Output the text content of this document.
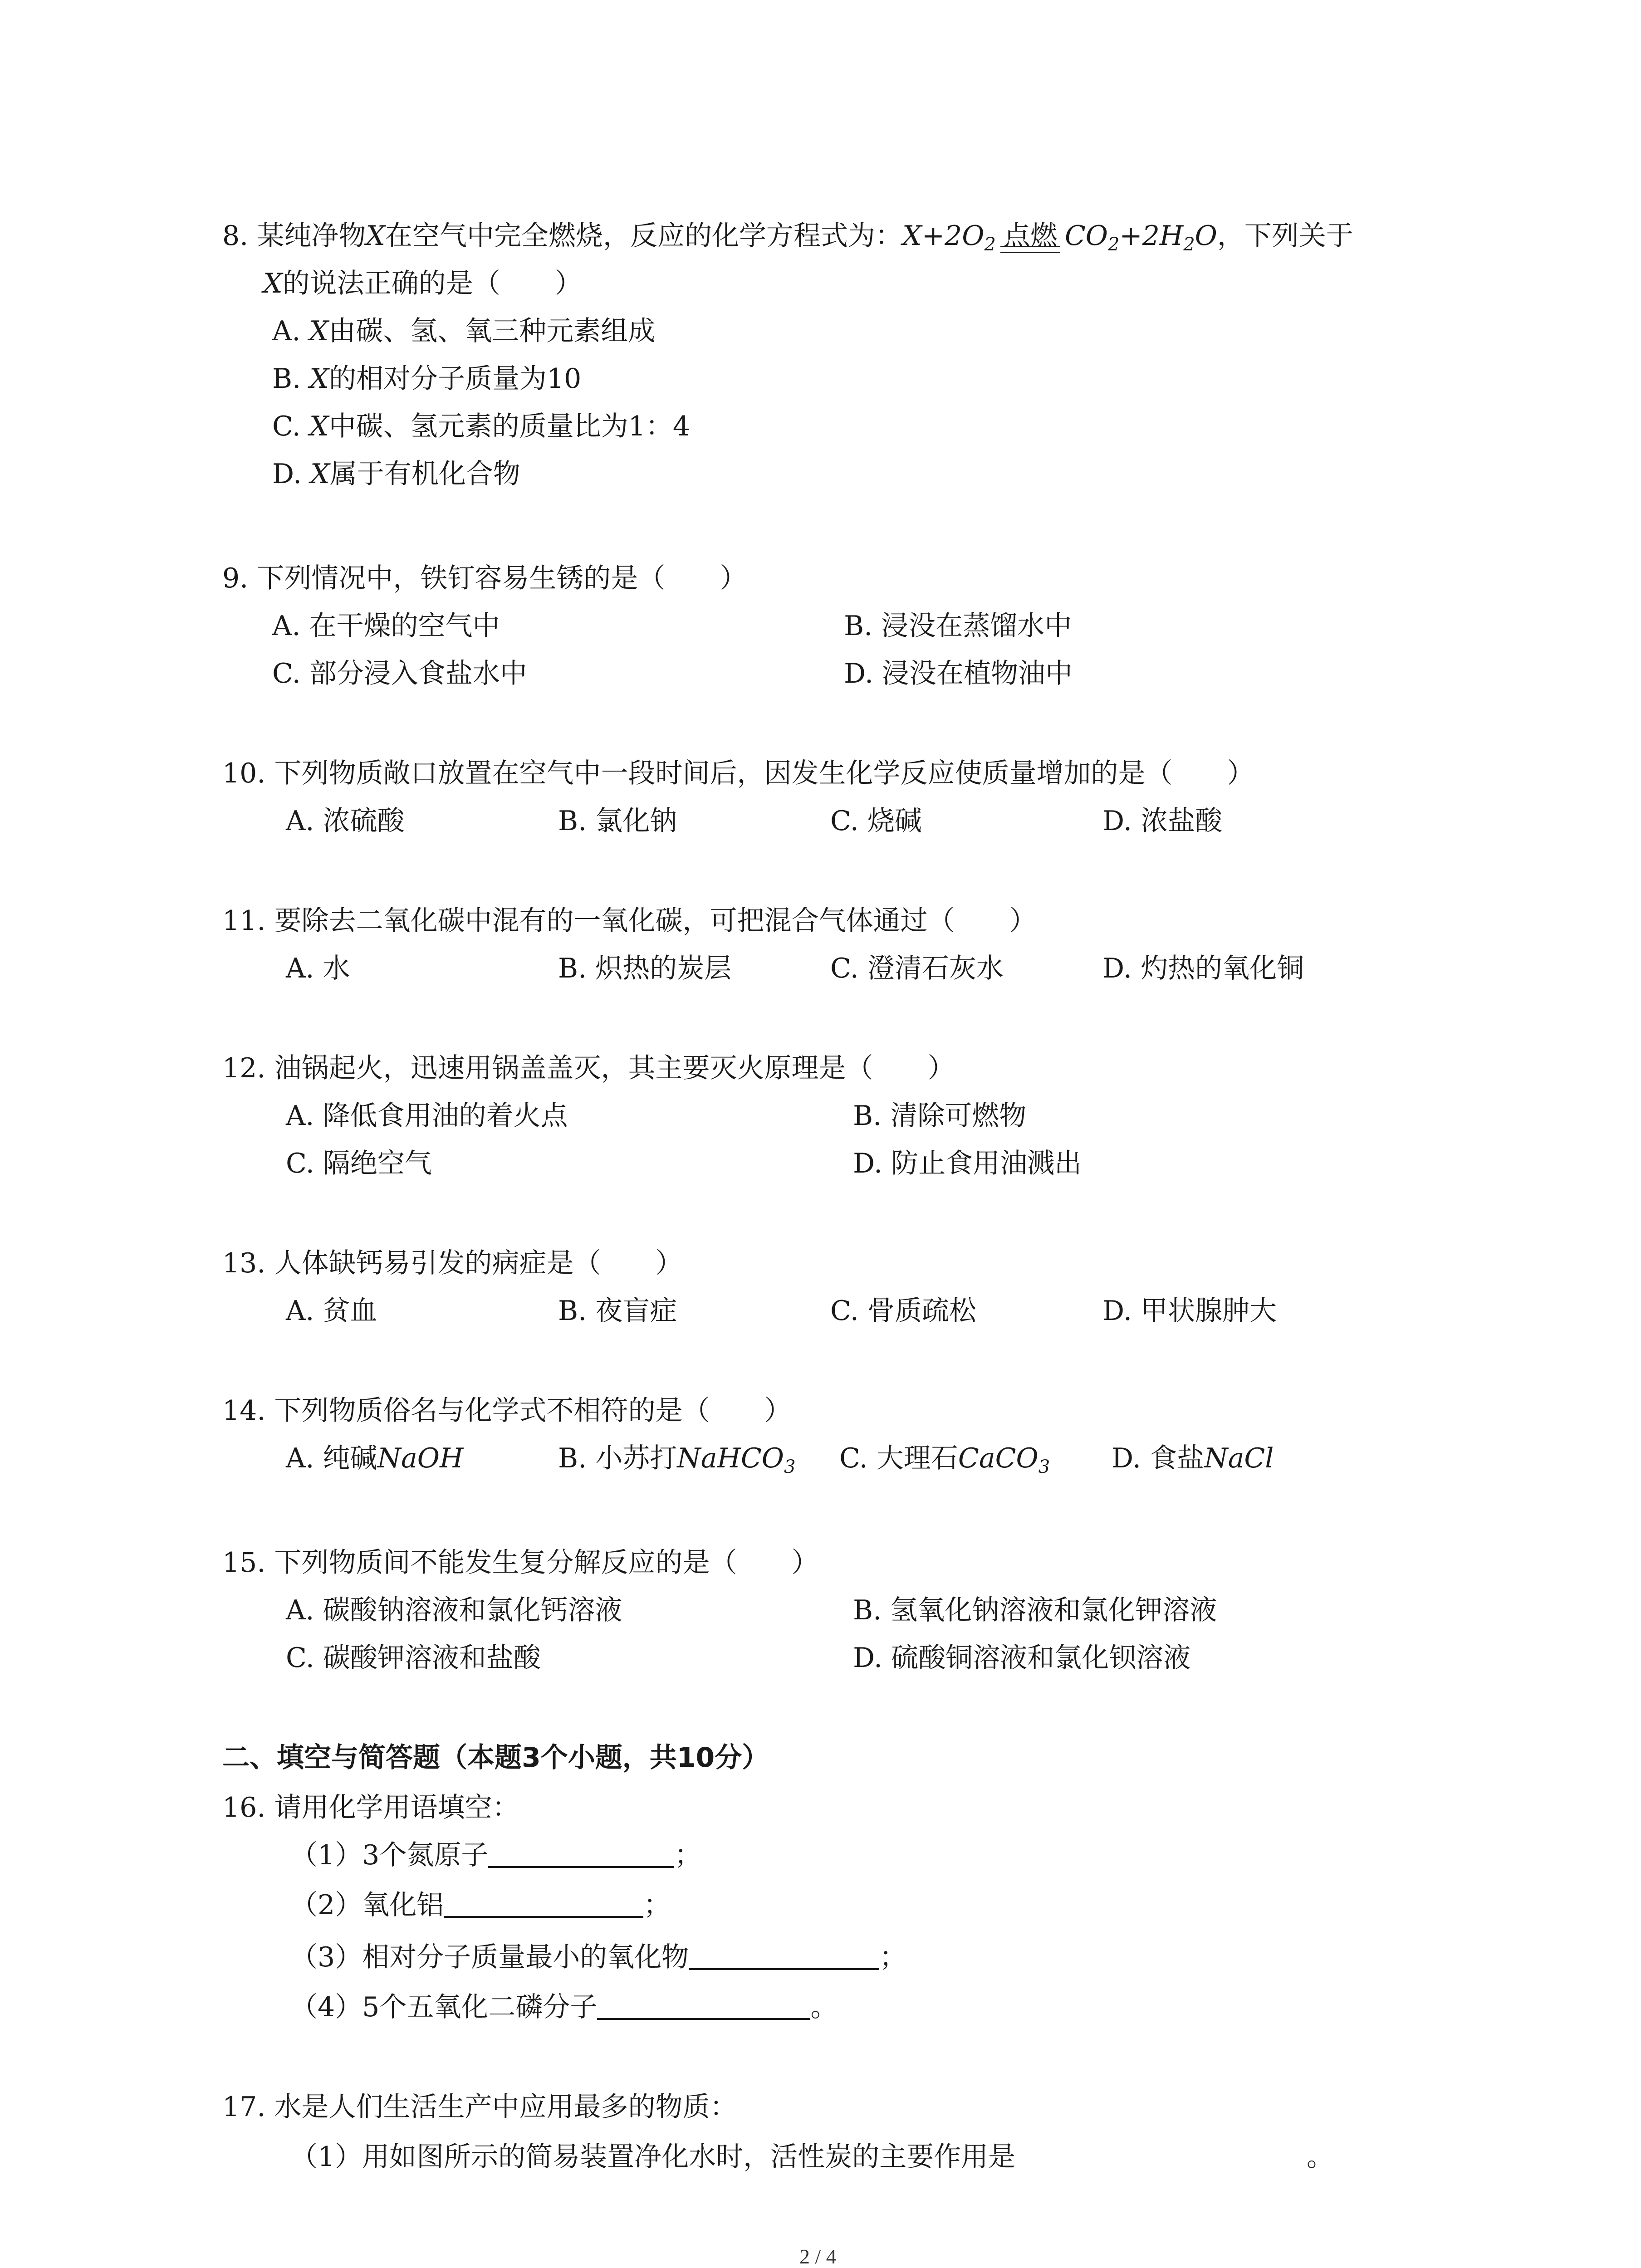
8. 某纯净物X在空气中完全燃烧，反应的化学方程式为：$X+2O_2$ 点燃 $CO_2+2H_2O$，下列关于
X的说法正确的是（　　）
A. X由碳、氢、氧三种元素组成
B. X的相对分子质量为10
C. X中碳、氢元素的质量比为1：4
D. X属于有机化合物
9. 下列情况中，铁钉容易生锈的是（　　）
A. 在干燥的空气中	B. 浸没在蒸馏水中
C. 部分浸入食盐水中	D. 浸没在植物油中
10. 下列物质敞口放置在空气中一段时间后，因发生化学反应使质量增加的是（　　）
A. 浓硫酸	B. 氯化钠	C. 烧碱	D. 浓盐酸
11. 要除去二氧化碳中混有的一氧化碳，可把混合气体通过（　　）
A. 水	B. 炽热的炭层	C. 澄清石灰水	D. 灼热的氧化铜
12. 油锅起火，迅速用锅盖盖灭，其主要灭火原理是（　　）
A. 降低食用油的着火点	B. 清除可燃物
C. 隔绝空气	D. 防止食用油溅出
13. 人体缺钙易引发的病症是（　　）
A. 贫血	B. 夜盲症	C. 骨质疏松	D. 甲状腺肿大
14. 下列物质俗名与化学式不相符的是（　　）
A. 纯碱NaOH	B. 小苏打NaHCO$_3$ C. 大理石CaCO$_3$ D. 食盐NaCl
15. 下列物质间不能发生复分解反应的是（　　）
A. 碳酸钠溶液和氯化钙溶液	B. 氢氧化钠溶液和氯化钾溶液
C. 碳酸钾溶液和盐酸	D. 硫酸铜溶液和氯化钡溶液
二、填空与简答题（本题3个小题，共10分）
16. 请用化学用语填空：
（1）3个氮原子	；
（2）氧化铝	；
（3）相对分子质量最小的氧化物	；
（4）5个五氧化二磷分子	。
17. 水是人们生活生产中应用最多的物质：
（1）用如图所示的简易装置净化水时，活性炭的主要作用是	。
2 / 4
